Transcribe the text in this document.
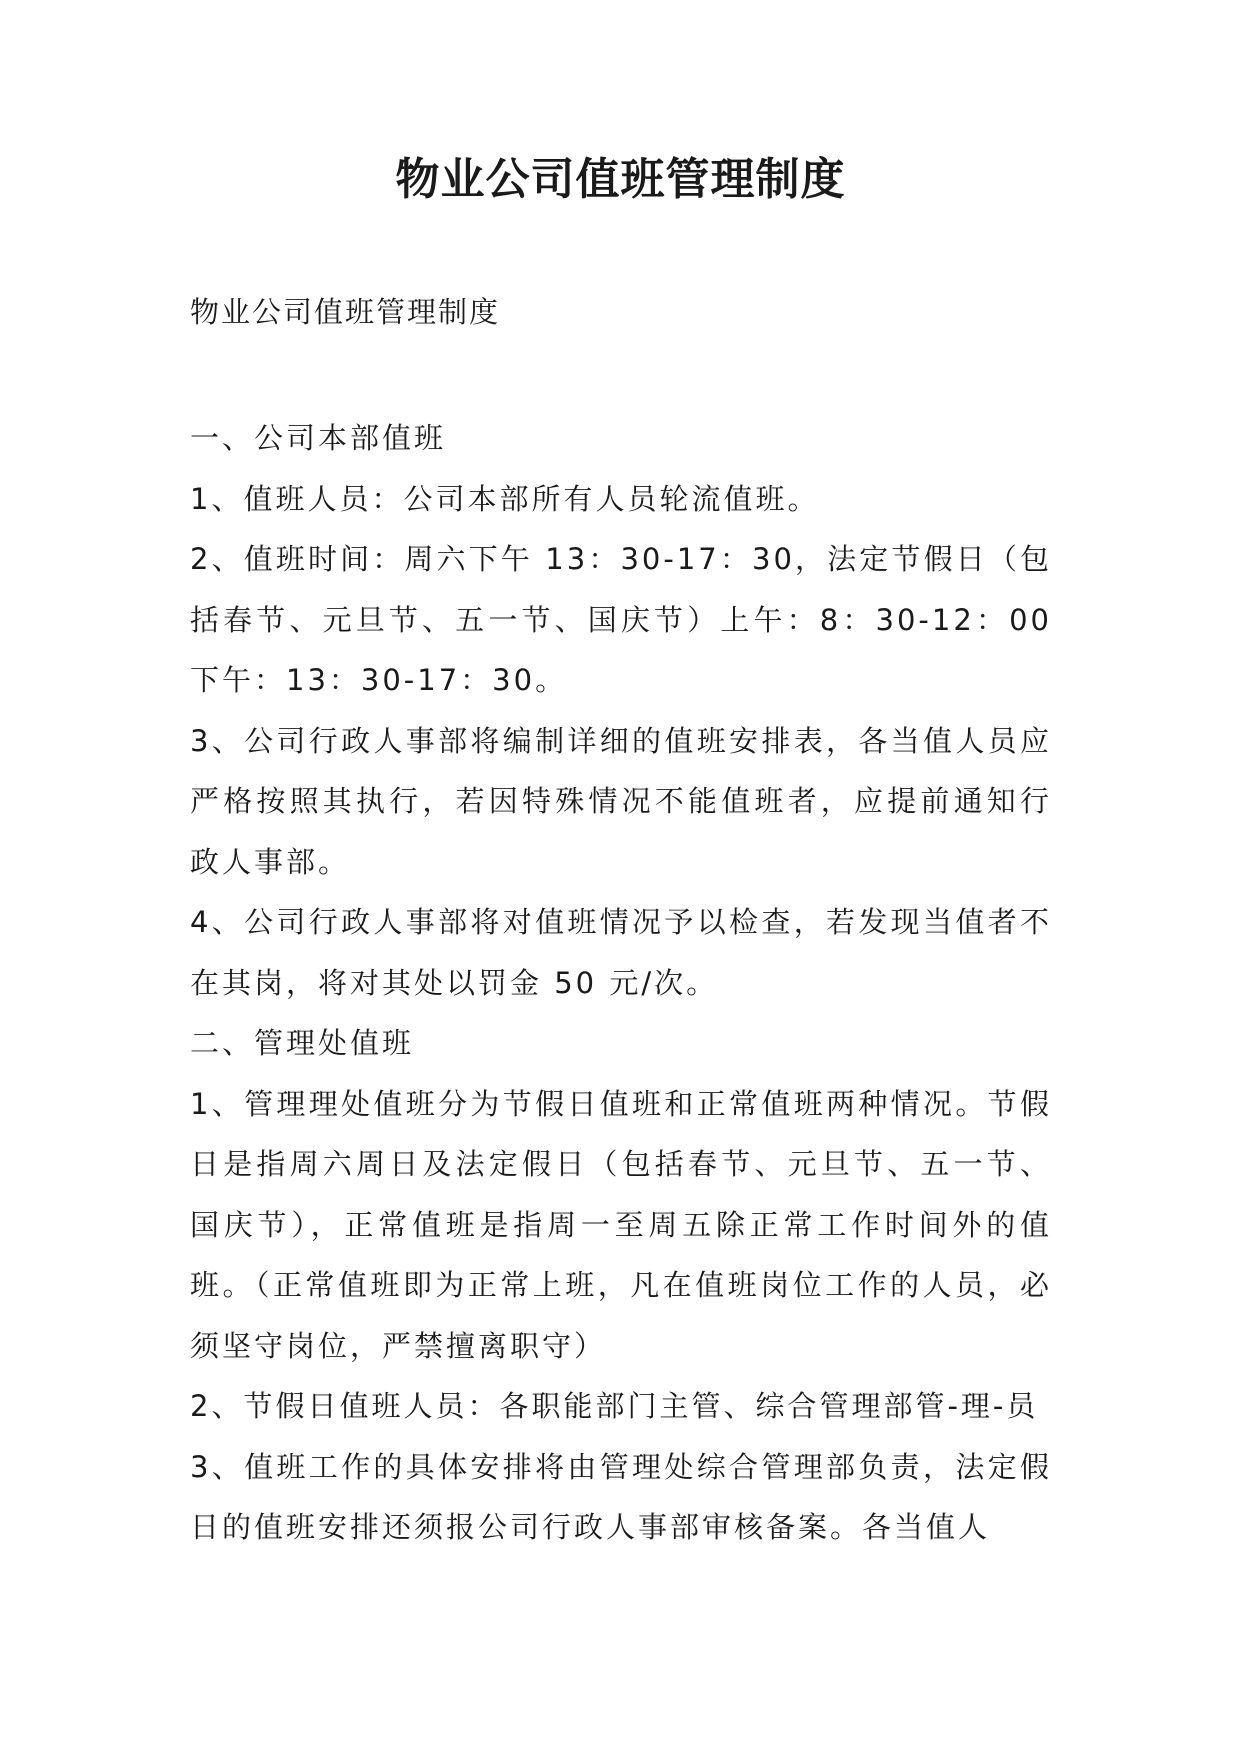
物业公司值班管理制度
物业公司值班管理制度

一、公司本部值班

1、值班人员：公司本部所有人员轮流值班。

2、值班时间：周六下午 13：30-17：30，法定节假日（包括春节、元旦节、五一节、国庆节）上午：8：30-12：00 下午：13：30-17：30。

3、公司行政人事部将编制详细的值班安排表，各当值人员应严格按照其执行，若因特殊情况不能值班者，应提前通知行政人事部。

4、公司行政人事部将对值班情况予以检查，若发现当值者不在其岗，将对其处以罚金 50 元/次。

二、管理处值班

1、管理理处值班分为节假日值班和正常值班两种情况。节假日是指周六周日及法定假日（包括春节、元旦节、五一节、国庆节），正常值班是指周一至周五除正常工作时间外的值班。（正常值班即为正常上班，凡在值班岗位工作的人员，必须坚守岗位，严禁擅离职守）

2、节假日值班人员：各职能部门主管、综合管理部管-理-员

3、值班工作的具体安排将由管理处综合管理部负责，法定假日的值班安排还须报公司行政人事部审核备案。各当值人
